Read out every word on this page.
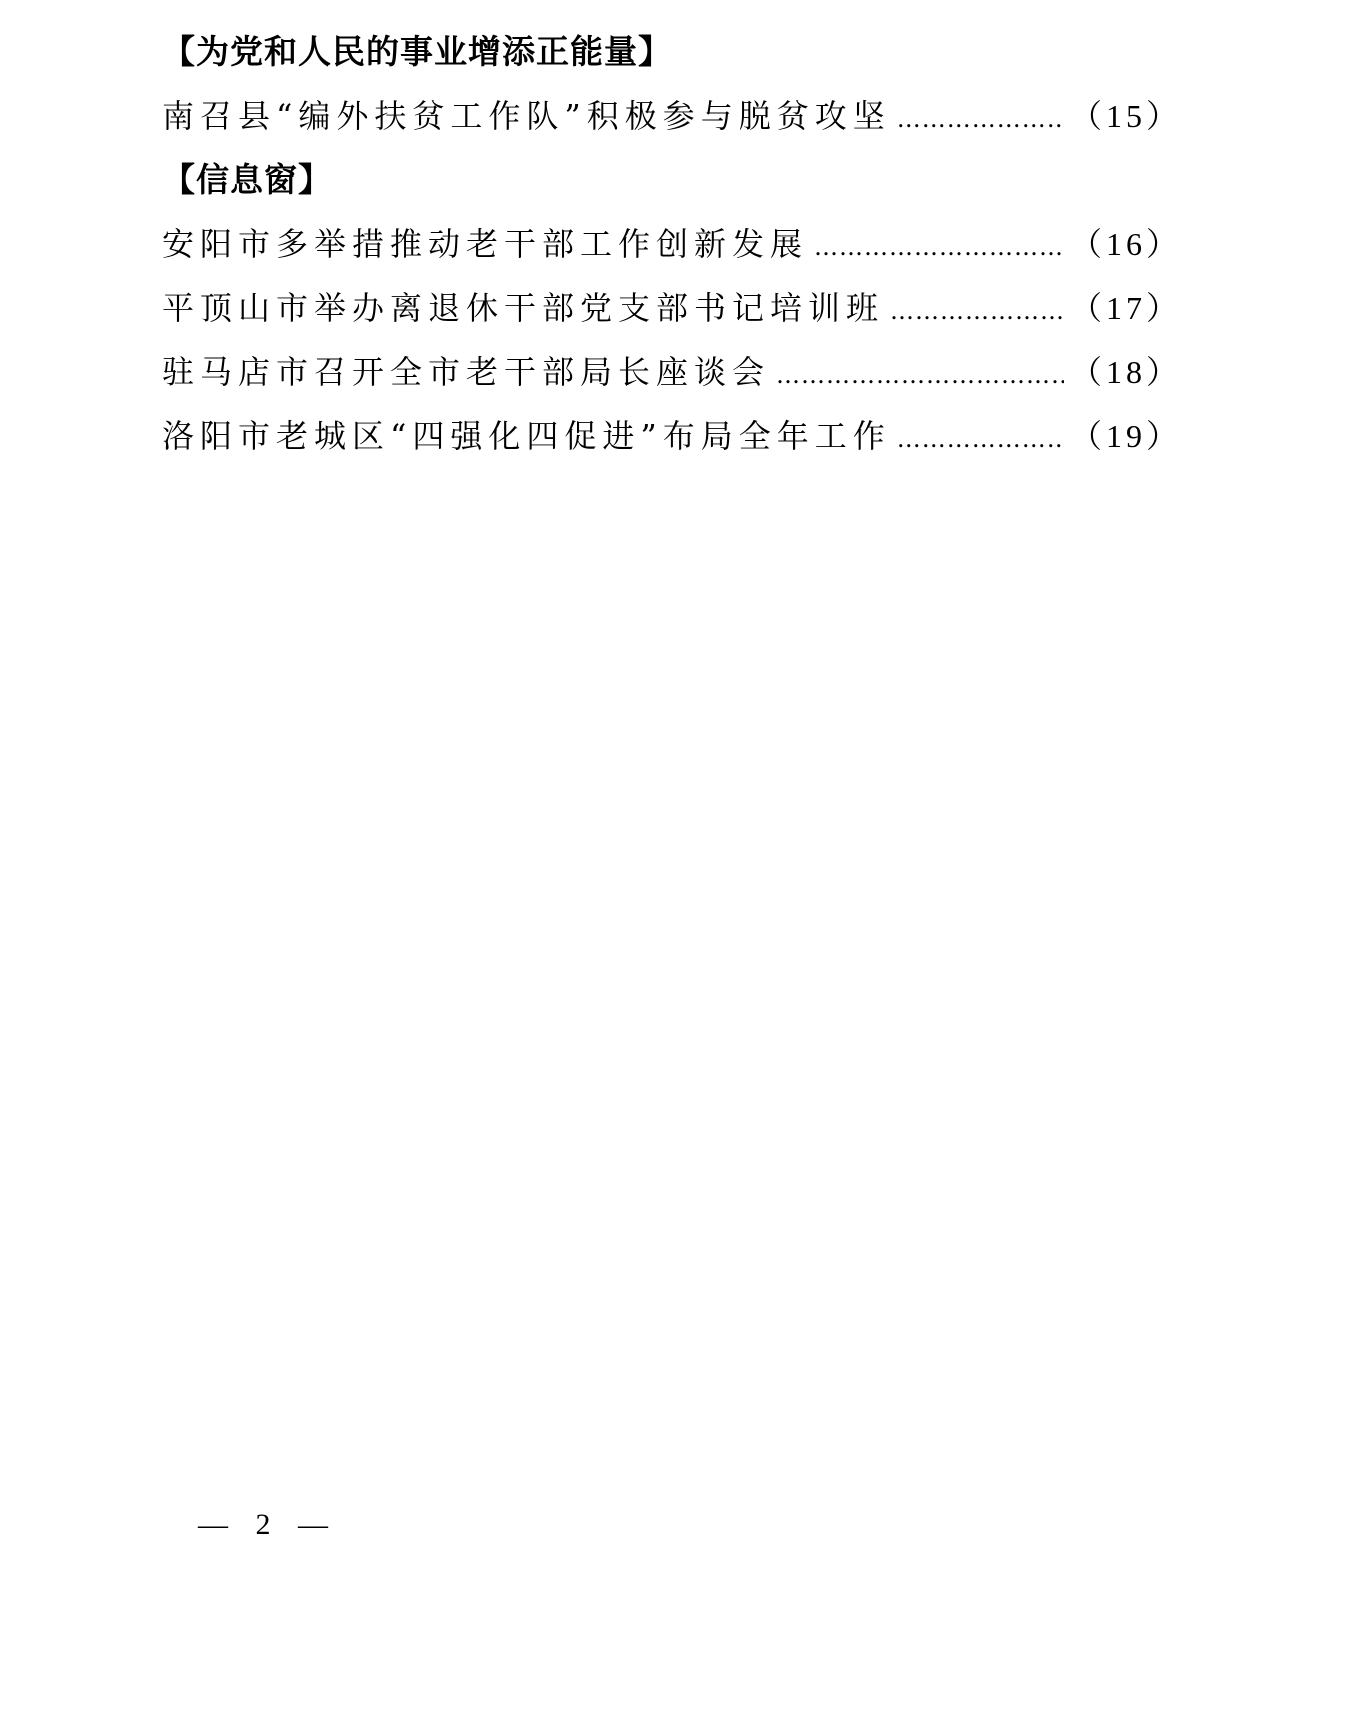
【为党和人民的事业增添正能量】
南召县“编外扶贫工作队”积极参与脱贫攻坚 ……………………………………………………………………………………………………………………………………………	（15）
【信息窗】
安阳市多举措推动老干部工作创新发展 ……………………………………………………………………………………………………………………………………………	（16）
平顶山市举办离退休干部党支部书记培训班 ……………………………………………………………………………………………………………………………………………	（17）
驻马店市召开全市老干部局长座谈会 ……………………………………………………………………………………………………………………………………………	（18）
洛阳市老城区“四强化四促进”布局全年工作 ……………………………………………………………………………………………………………………………………………	（19）
— 2 —
